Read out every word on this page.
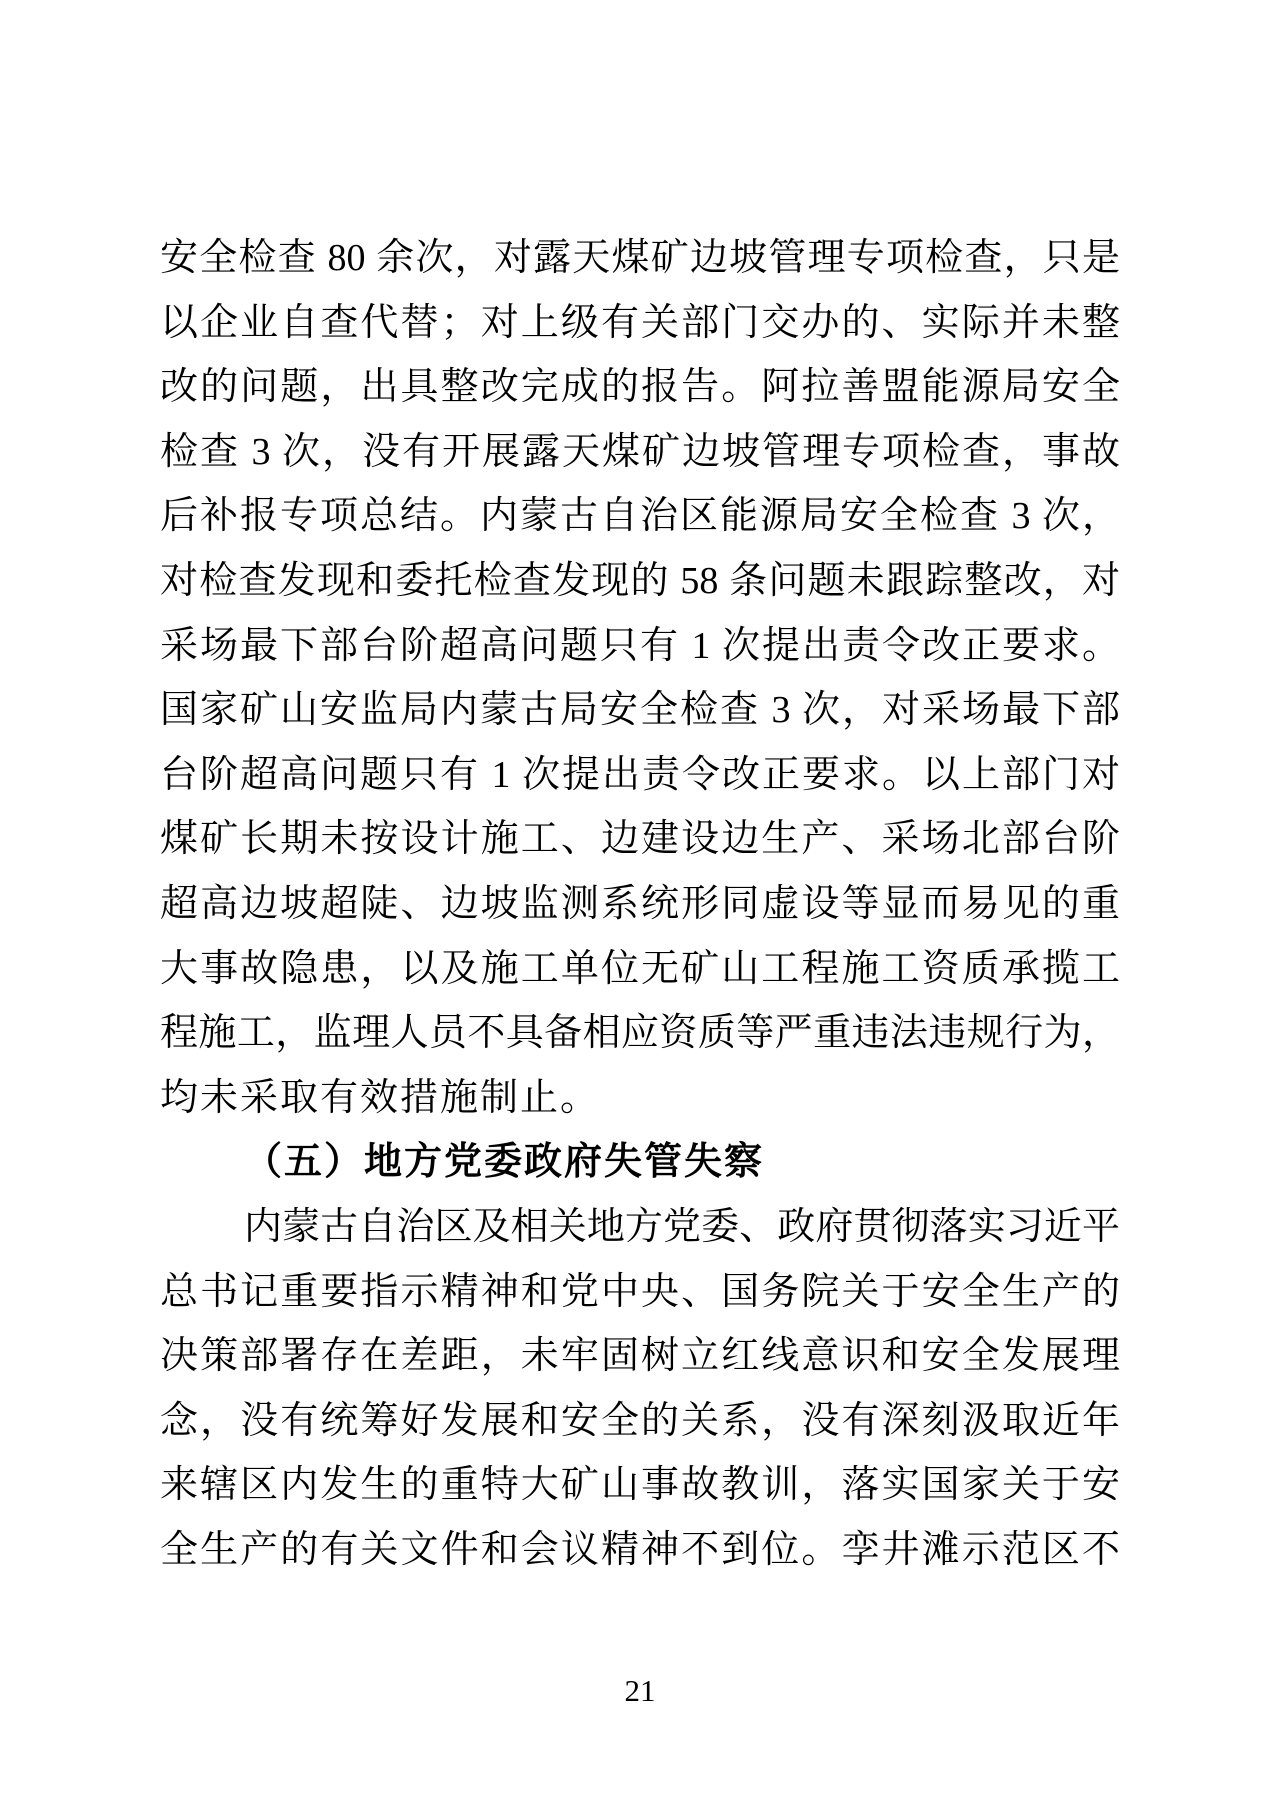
安全检查 80 余次，对露天煤矿边坡管理专项检查，只是
以企业自查代替；对上级有关部门交办的、实际并未整
改的问题，出具整改完成的报告。阿拉善盟能源局安全
检查 3 次，没有开展露天煤矿边坡管理专项检查，事故
后补报专项总结。内蒙古自治区能源局安全检查 3 次，
对检查发现和委托检查发现的 58 条问题未跟踪整改，对
采场最下部台阶超高问题只有 1 次提出责令改正要求。
国家矿山安监局内蒙古局安全检查 3 次，对采场最下部
台阶超高问题只有 1 次提出责令改正要求。以上部门对
煤矿长期未按设计施工、边建设边生产、采场北部台阶
超高边坡超陡、边坡监测系统形同虚设等显而易见的重
大事故隐患，以及施工单位无矿山工程施工资质承揽工
程施工，监理人员不具备相应资质等严重违法违规行为，
均未采取有效措施制止。
（五）地方党委政府失管失察
内蒙古自治区及相关地方党委、政府贯彻落实习近平
总书记重要指示精神和党中央、国务院关于安全生产的
决策部署存在差距，未牢固树立红线意识和安全发展理
念，没有统筹好发展和安全的关系，没有深刻汲取近年
来辖区内发生的重特大矿山事故教训，落实国家关于安
全生产的有关文件和会议精神不到位。孪井滩示范区不
21
